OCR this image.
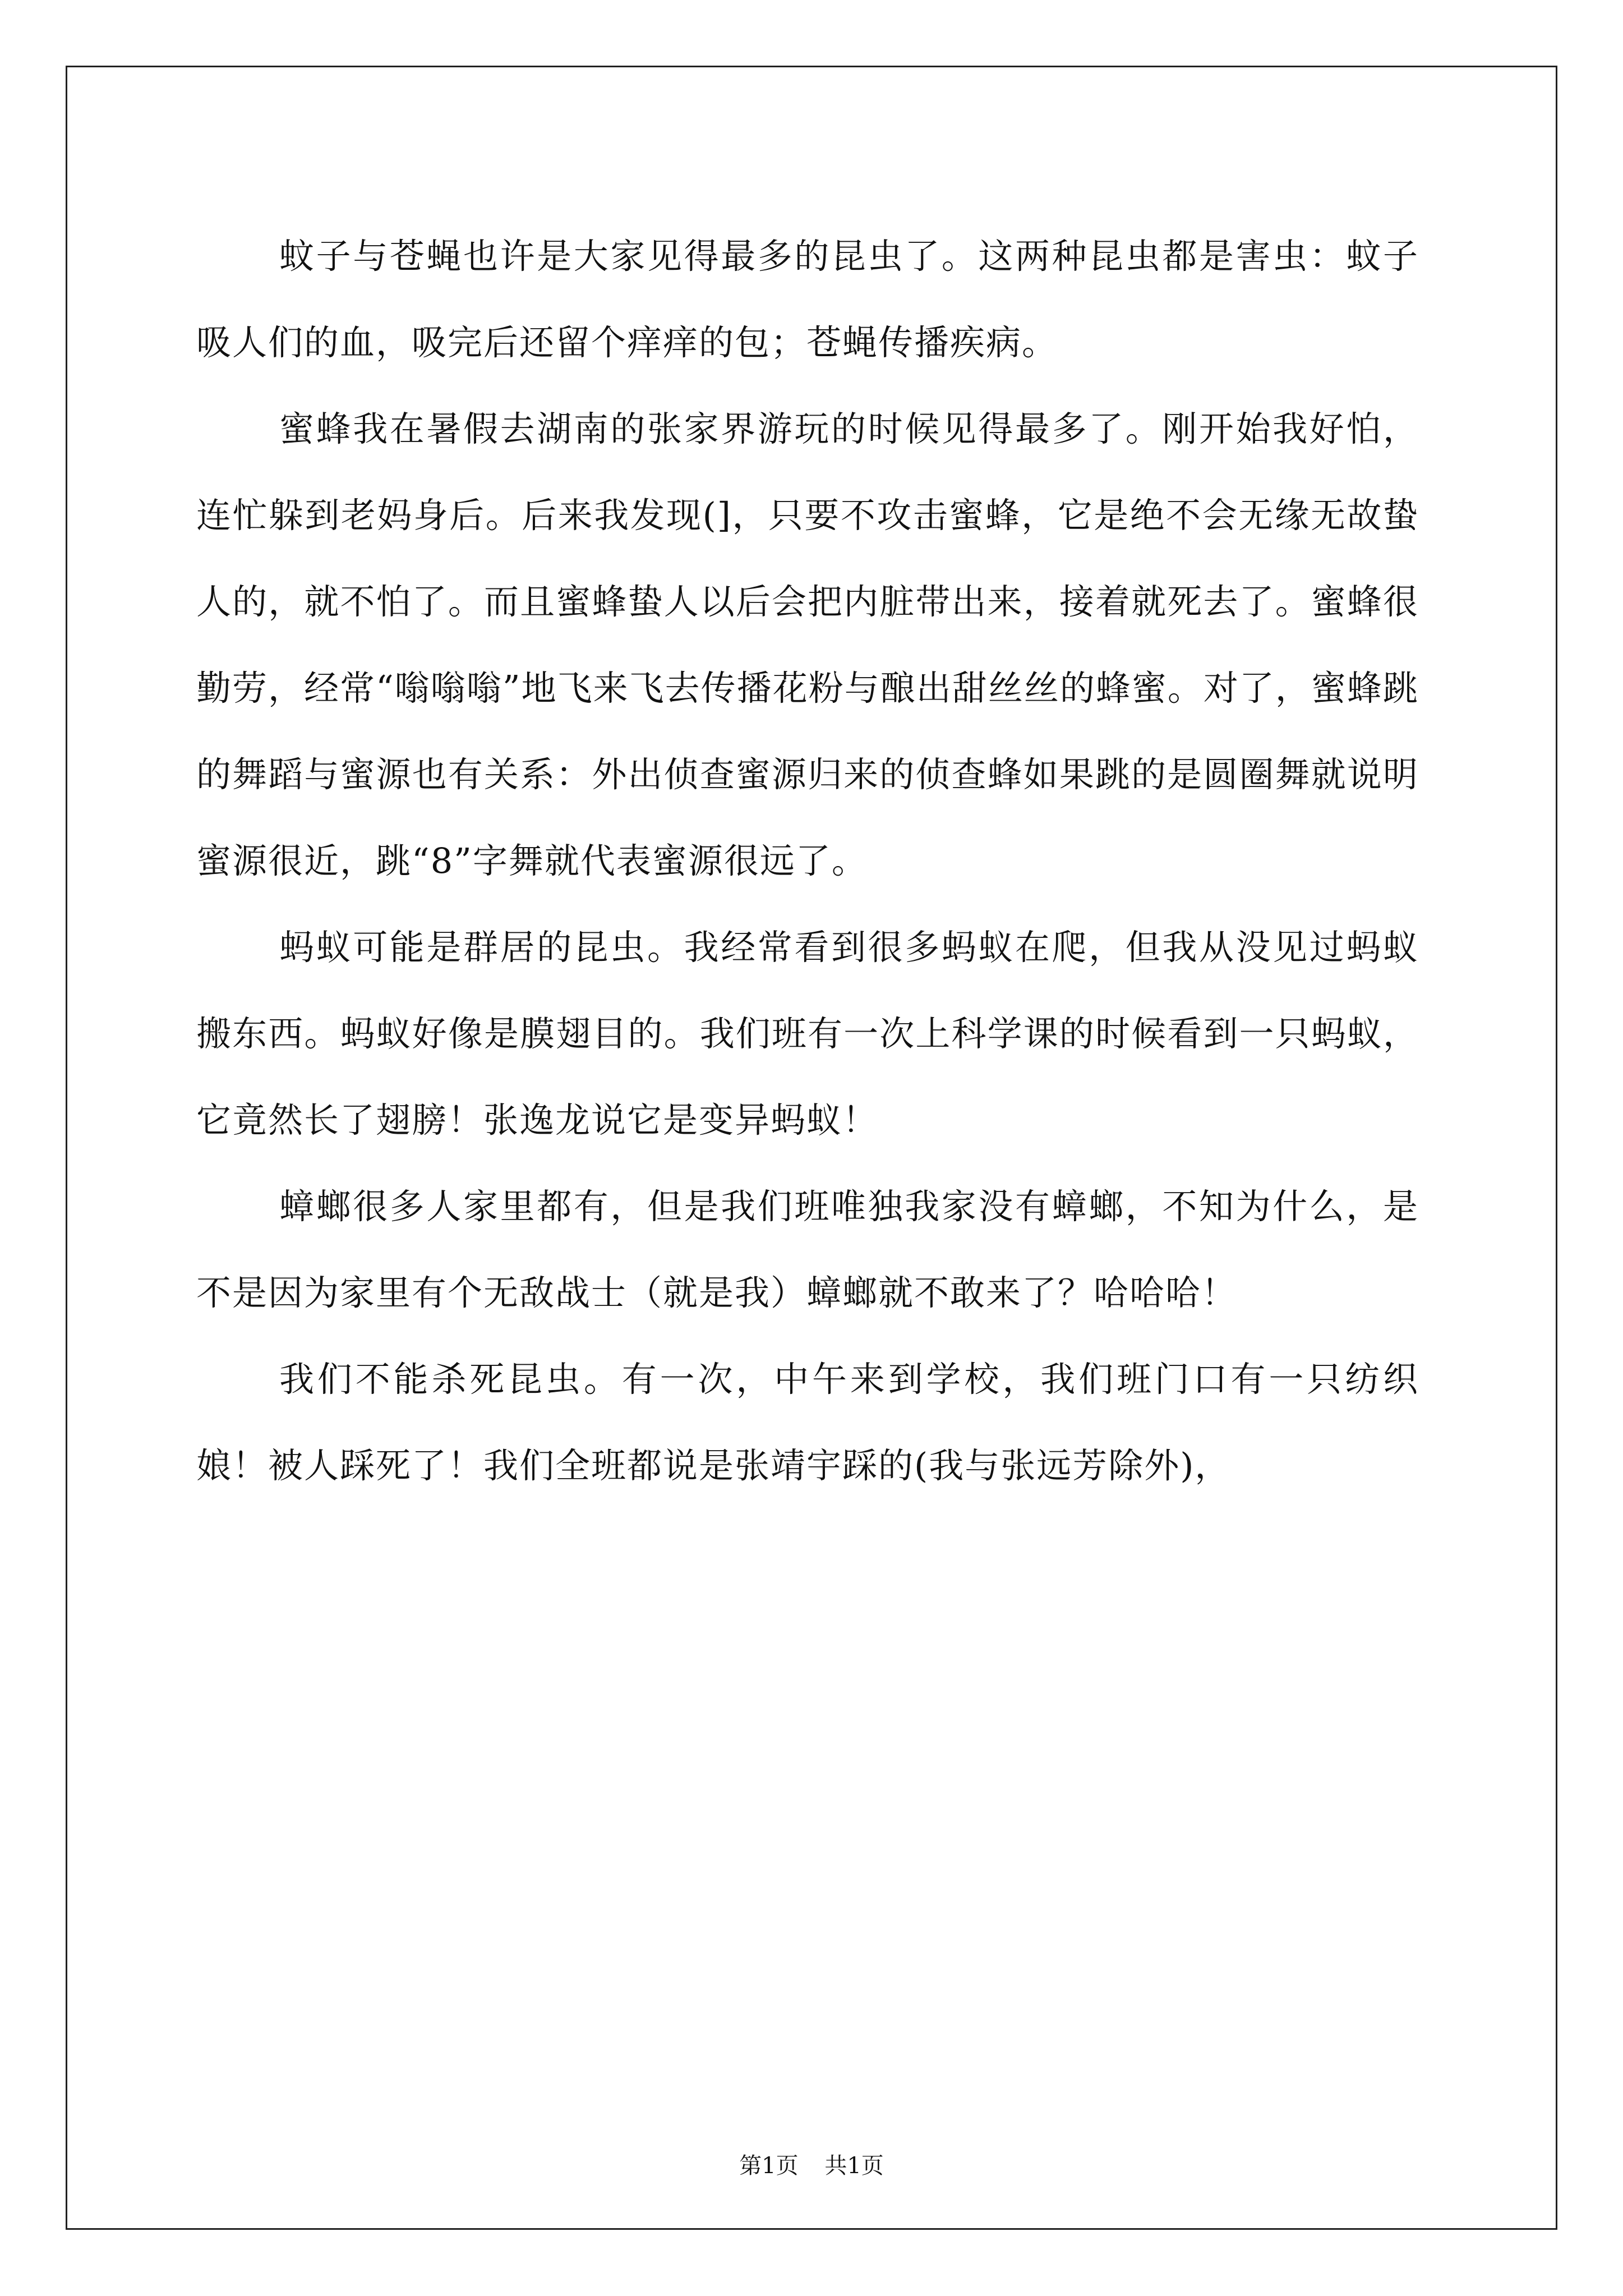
蚊子与苍蝇也许是大家见得最多的昆虫了。这两种昆虫都是害虫：蚊子吸人们的血，吸完后还留个痒痒的包；苍蝇传播疾病。

蜜蜂我在暑假去湖南的张家界游玩的时候见得最多了。刚开始我好怕，连忙躲到老妈身后。后来我发现(]，只要不攻击蜜蜂，它是绝不会无缘无故蛰人的，就不怕了。而且蜜蜂蛰人以后会把内脏带出来，接着就死去了。蜜蜂很勤劳，经常“嗡嗡嗡”地飞来飞去传播花粉与酿出甜丝丝的蜂蜜。对了，蜜蜂跳的舞蹈与蜜源也有关系：外出侦查蜜源归来的侦查蜂如果跳的是圆圈舞就说明蜜源很近，跳“8”字舞就代表蜜源很远了。

蚂蚁可能是群居的昆虫。我经常看到很多蚂蚁在爬，但我从没见过蚂蚁搬东西。蚂蚁好像是膜翅目的。我们班有一次上科学课的时候看到一只蚂蚁，它竟然长了翅膀！张逸龙说它是变异蚂蚁！

蟑螂很多人家里都有，但是我们班唯独我家没有蟑螂，不知为什么，是不是因为家里有个无敌战士（就是我）蟑螂就不敢来了？哈哈哈！

我们不能杀死昆虫。有一次，中午来到学校，我们班门口有一只纺织娘！被人踩死了！我们全班都说是张靖宇踩的(我与张远芳除外)，

第1页 共1页
